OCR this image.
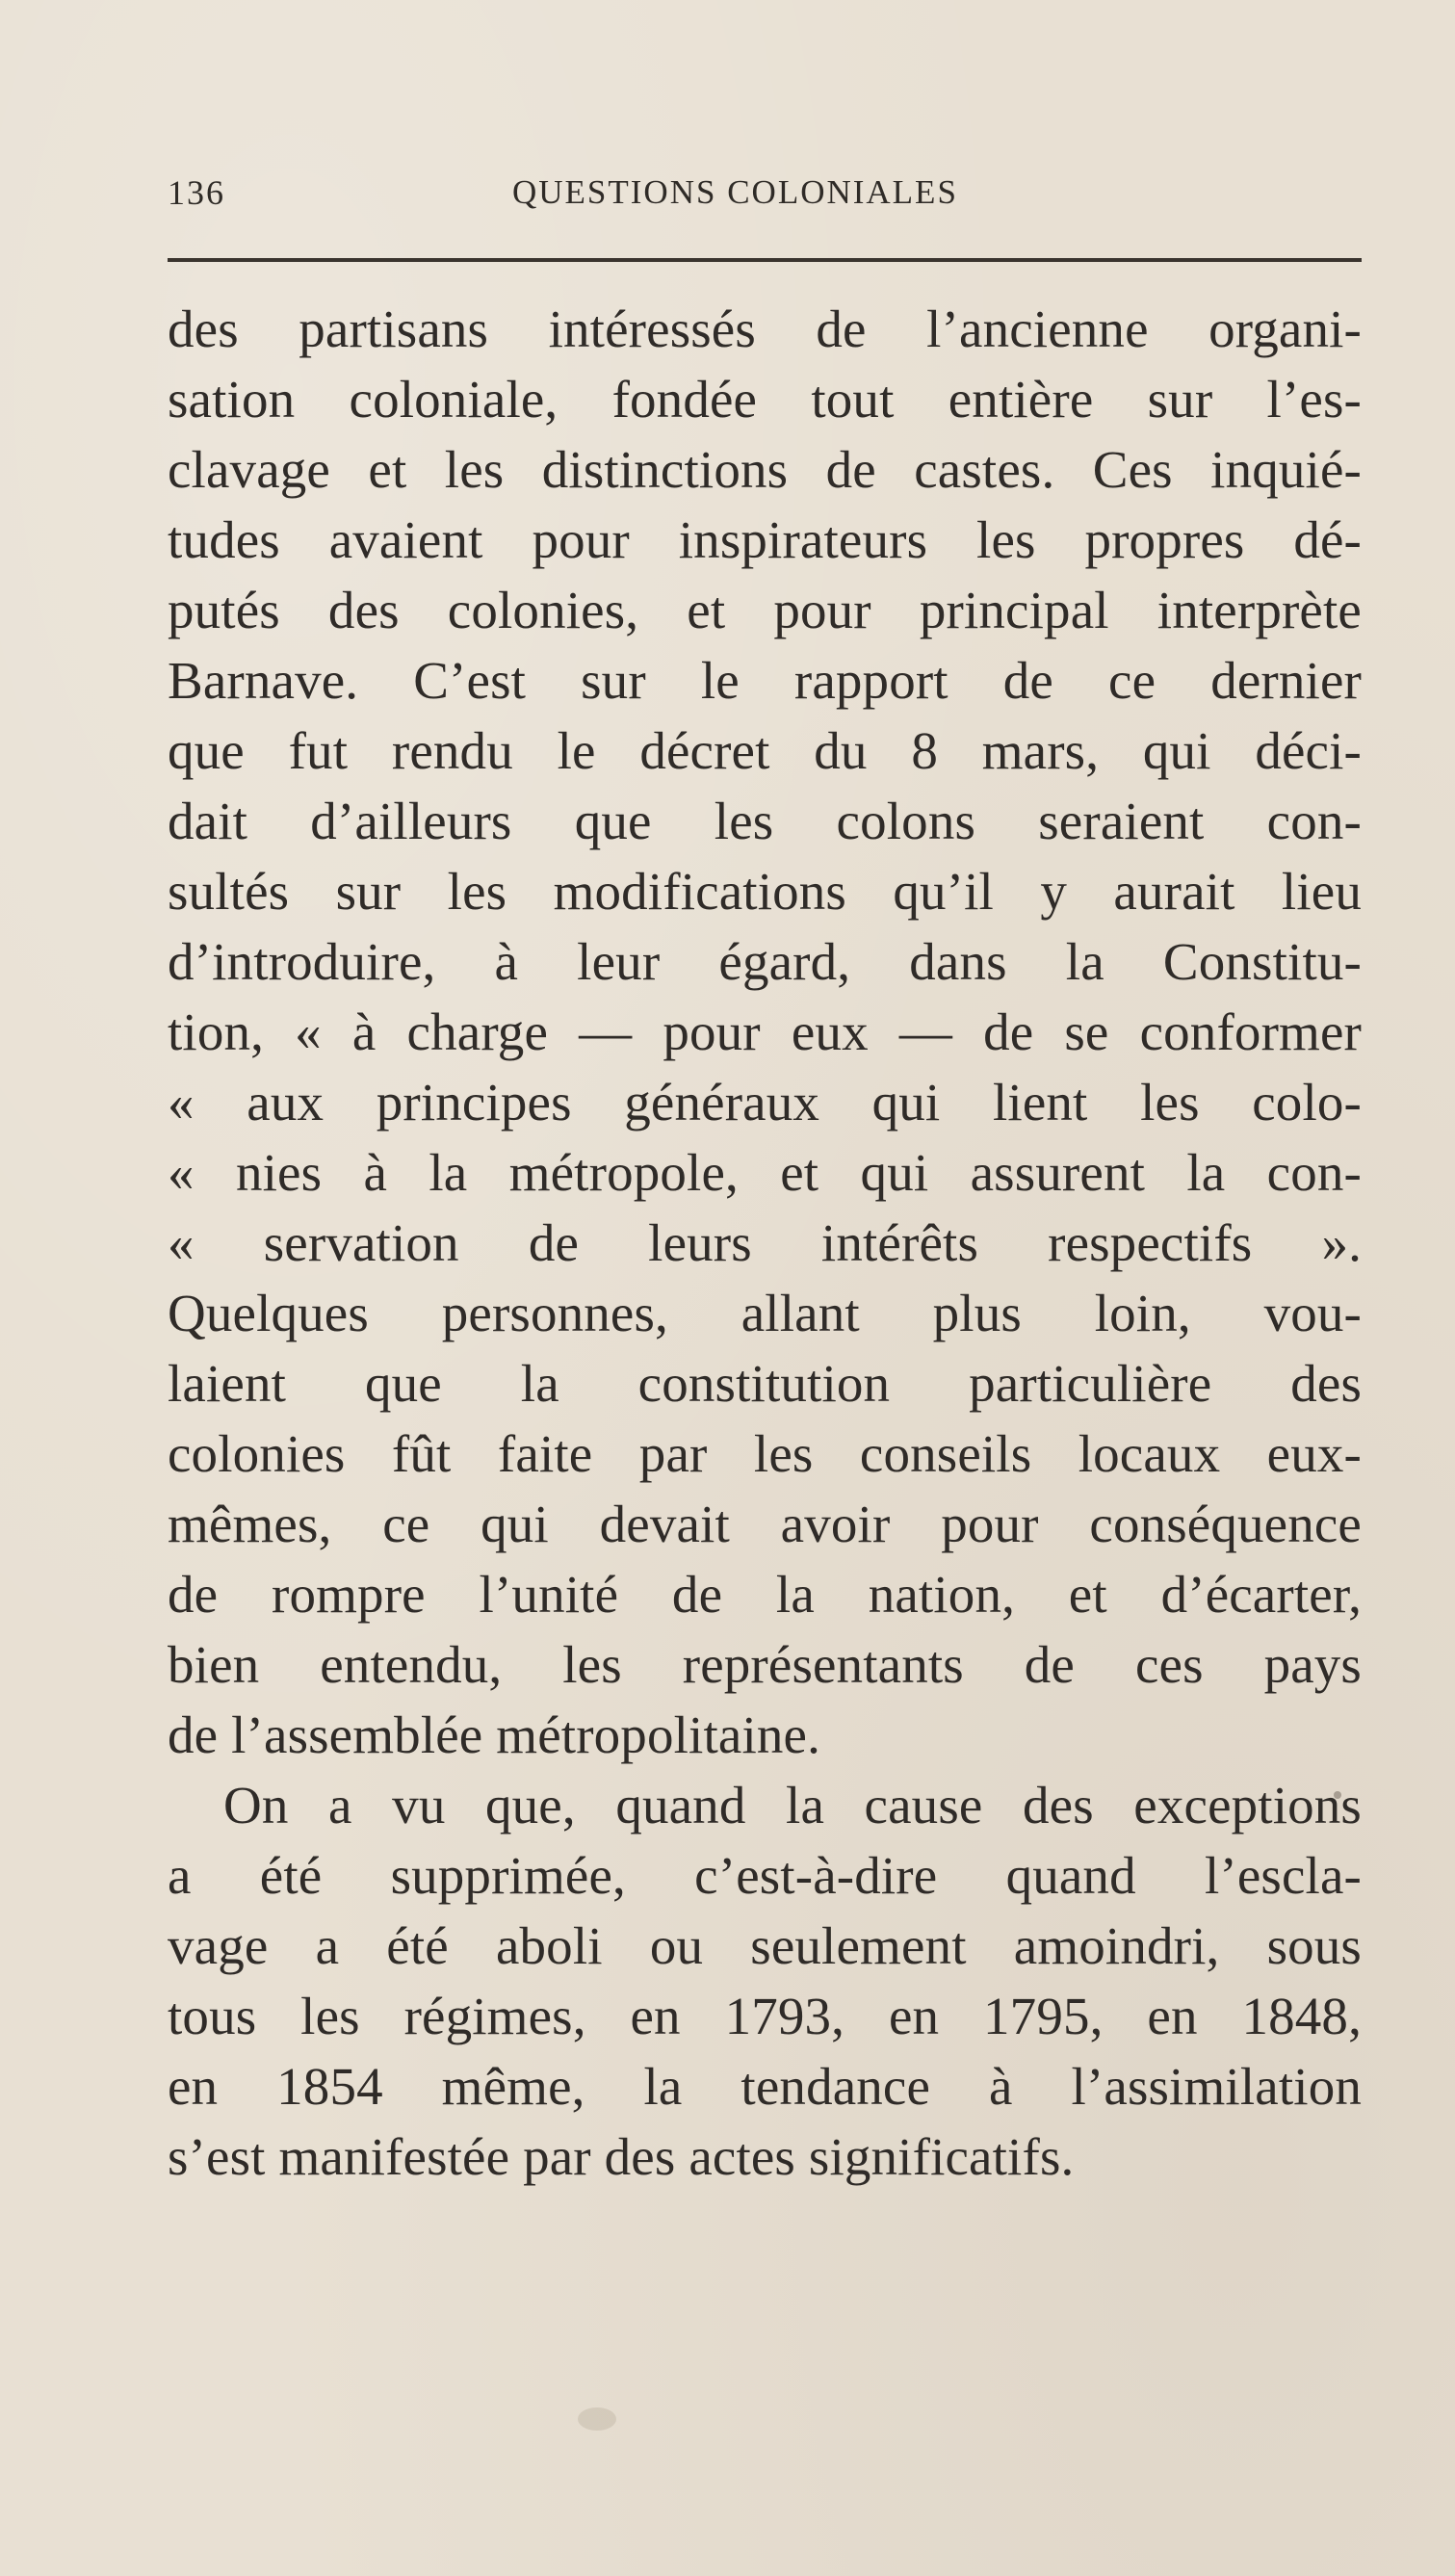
136	QUESTIONS COLONIALES
des partisans intéressés de l’ancienne organi-
sation coloniale, fondée tout entière sur l’es-
clavage et les distinctions de castes. Ces inquié-
tudes avaient pour inspirateurs les propres dé-
putés des colonies, et pour principal interprète
Barnave. C’est sur le rapport de ce dernier
que fut rendu le décret du 8 mars, qui déci-
dait d’ailleurs que les colons seraient con-
sultés sur les modifications qu’il y aurait lieu
d’introduire, à leur égard, dans la Constitu-
tion, « à charge — pour eux — de se conformer
« aux principes généraux qui lient les colo-
« nies à la métropole, et qui assurent la con-
« servation de leurs intérêts respectifs ».
Quelques personnes, allant plus loin, vou-
laient que la constitution particulière des
colonies fût faite par les conseils locaux eux-
mêmes, ce qui devait avoir pour conséquence
de rompre l’unité de la nation, et d’écarter,
bien entendu, les représentants de ces pays
de l’assemblée métropolitaine.
On a vu que, quand la cause des exceptions
a été supprimée, c’est-à-dire quand l’escla-
vage a été aboli ou seulement amoindri, sous
tous les régimes, en 1793, en 1795, en 1848,
en 1854 même, la tendance à l’assimilation
s’est manifestée par des actes significatifs.
